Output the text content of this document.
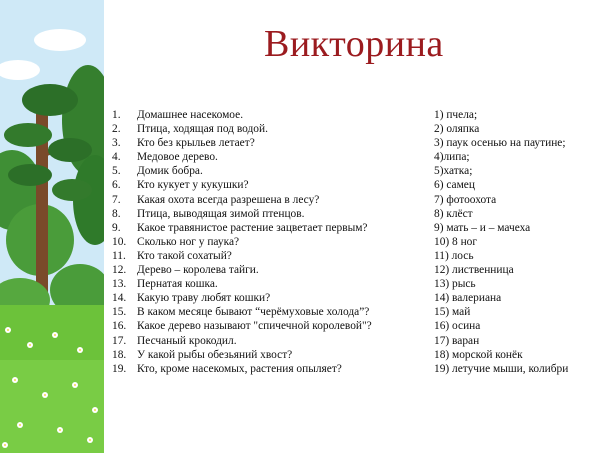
Викторина
1. Домашнее насекомое.	1) пчела;
2. Птица, ходящая под водой.	2) оляпка
3. Кто без крыльев летает?	3) паук осенью на паутине;
4. Медовое дерево.	4)липа;
5. Домик бобра.	5)хатка;
6. Кто кукует у кукушки?	6) самец
7. Какая охота всегда разрешена в лесу?	7) фотоохота
8. Птица, выводящая зимой птенцов.	8) клёст
9. Какое травянистое растение зацветает первым?	9) мать – и – мачеха
10. Сколько ног у паука?	10) 8 ног
11. Кто такой сохатый?	11) лось
12. Дерево – королева тайги.	12) лиственница
13. Пернатая кошка.	13) рысь
14. Какую траву любят кошки?	14) валериана
15. В каком месяце бывают “черёмуховые холода”?	15) май
16. Какое дерево называют "спичечной королевой"?	16) осина
17. Песчаный крокодил.	17) варан
18. У какой рыбы обезьяний хвост?	18) морской конёк
19. Кто, кроме насекомых, растения опыляет?	19) летучие мыши, колибри
